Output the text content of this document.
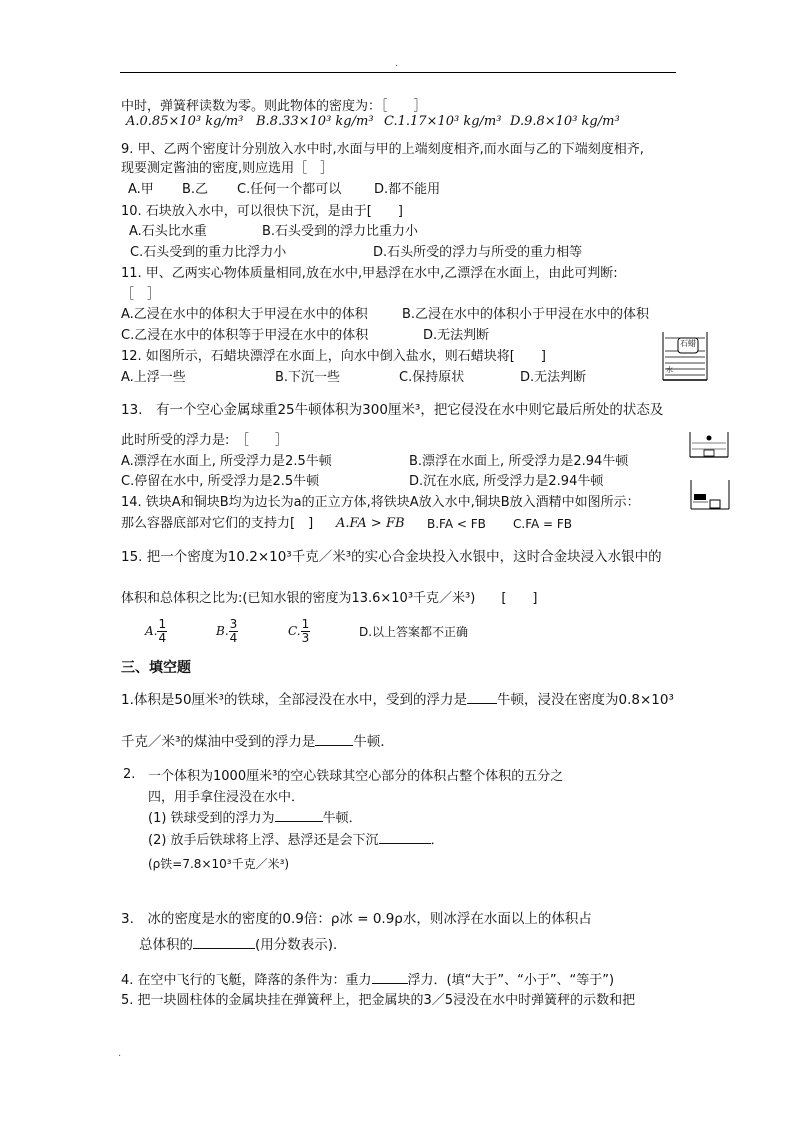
.
中时，弹簧秤读数为零。则此物体的密度为：［　　］
A.0.85×10³ kg/m³ B.8.33×10³ kg/m³ C.1.17×10³ kg/m³ D.9.8×10³ kg/m³
9. 甲、乙两个密度计分别放入水中时,水面与甲的上端刻度相齐,而水面与乙的下端刻度相齐,
现要测定酱油的密度,则应选用［　］
A.甲 B.乙 C.任何一个都可以	D.都不能用
10. 石块放入水中，可以很快下沉，是由于[　　]
A.石头比水重	B.石头受到的浮力比重力小
C.石头受到的重力比浮力小	D.石头所受的浮力与所受的重力相等
11. 甲、乙两实心物体质量相同,放在水中,甲悬浮在水中,乙漂浮在水面上，由此可判断:
［　］
A.乙浸在水中的体积大于甲浸在水中的体积	B.乙浸在水中的体积小于甲浸在水中的体积
C.乙浸在水中的体积等于甲浸在水中的体积	D.无法判断
石蜡
水
12. 如图所示，石蜡块漂浮在水面上，向水中倒入盐水，则石蜡块将[　　]
A.上浮一些	B.下沉一些	C.保持原状	D.无法判断
13.　有一个空心金属球重25牛顿体积为300厘米³，把它侵没在水中则它最后所处的状态及
此时所受的浮力是:　［　　］
A.漂浮在水面上, 所受浮力是2.5牛顿	B.漂浮在水面上, 所受浮力是2.94牛顿
C.停留在水中, 所受浮力是2.5牛顿	D.沉在水底, 所受浮力是2.94牛顿
14. 铁块A和铜块B均为边长为a的正立方体,将铁块A放入水中,铜块B放入酒精中如图所示：
那么容器底部对它们的支持力[　] A.FA > FB B.FA < FB C.FA = FB
15. 把一个密度为10.2×10³千克／米³的实心合金块投入水银中，这时合金块浸入水银中的
体积和总体积之比为:(已知水银的密度为13.6×10³千克／米³)　　[　　]
A. $\frac{1}{4}$	B. $\frac{3}{4}$	C. $\frac{1}{3}$	D.以上答案都不正确
三、填空题
1.体积是50厘米³的铁球，全部浸没在水中，受到的浮力是 牛顿，浸没在密度为0.8×10³
千克／米³的煤油中受到的浮力是	牛顿．
2. 一个体积为1000厘米³的空心铁球其空心部分的体积占整个体积的五分之
四，用手拿住浸没在水中．
(1) 铁球受到的浮力为	牛顿．
(2) 放手后铁球将上浮、悬浮还是会下沉	．
(ρ铁=7.8×10³千克／米³)
3.　冰的密度是水的密度的0.9倍：ρ冰 = 0.9ρ水，则冰浮在水面以上的体积占
总体积的	(用分数表示).
4. 在空中飞行的飞艇，降落的条件为：重力	浮力．(填“大于”、“小于”、“等于”)
5. 把一块圆柱体的金属块挂在弹簧秤上，把金属块的3／5浸没在水中时弹簧秤的示数和把
.
